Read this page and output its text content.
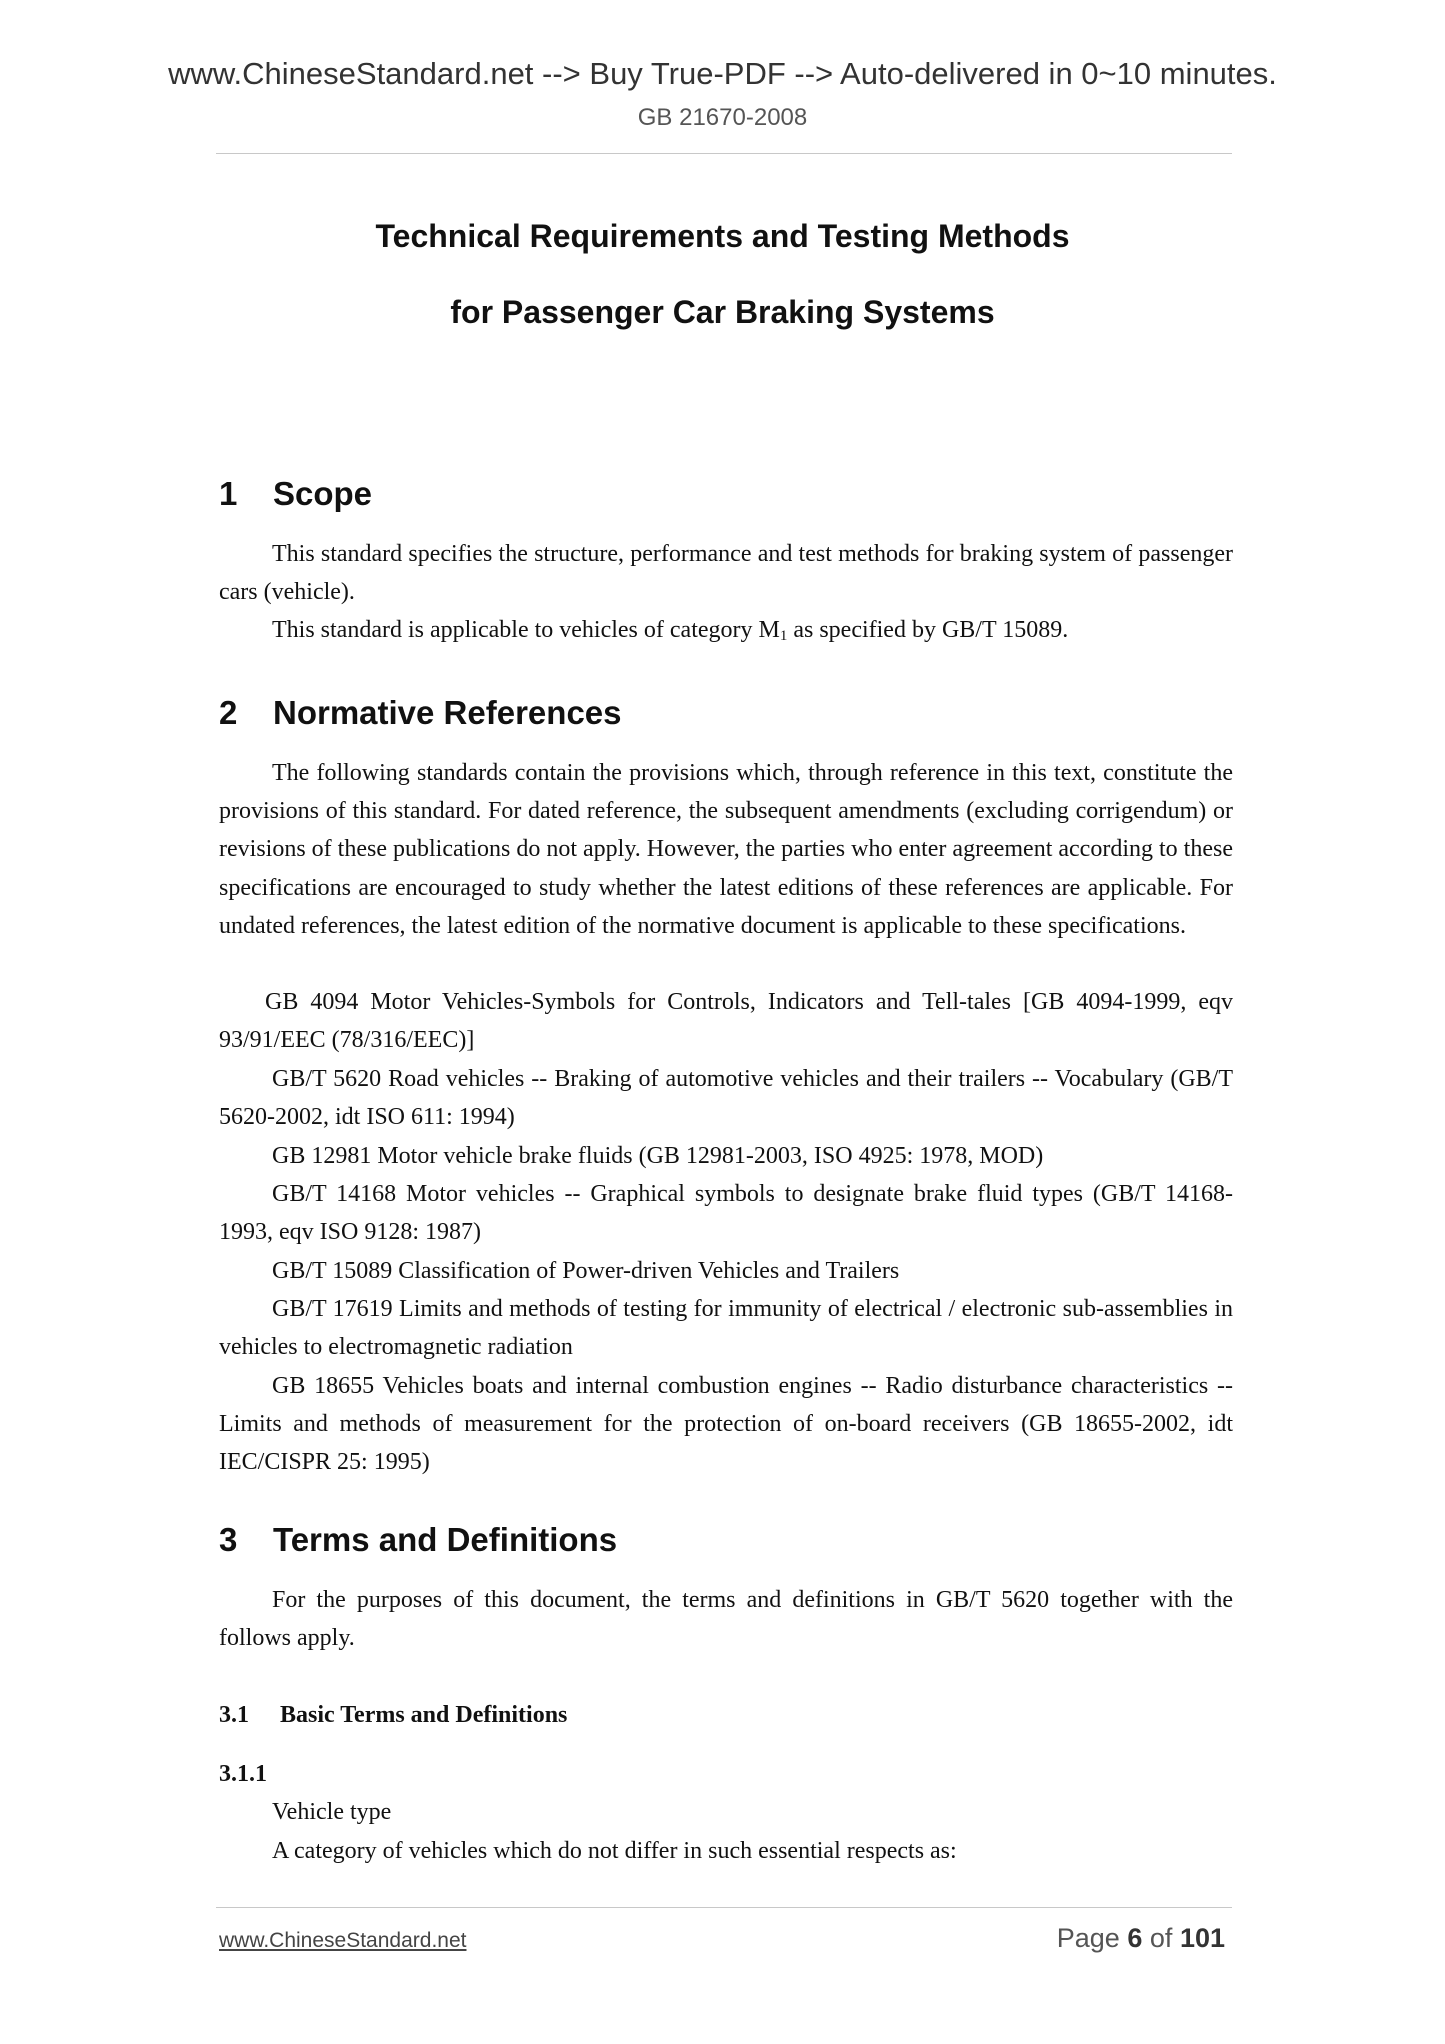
www.ChineseStandard.net --> Buy True-PDF --> Auto-delivered in 0~10 minutes.

GB 21670-2008

Technical Requirements and Testing Methods
for Passenger Car Braking Systems
1 Scope

This standard specifies the structure, performance and test methods for braking system of passenger cars (vehicle).

This standard is applicable to vehicles of category $M_1$ as specified by GB/T 15089.

2 Normative References

The following standards contain the provisions which, through reference in this text, constitute the provisions of this standard. For dated reference, the subsequent amendments (excluding corrigendum) or revisions of these publications do not apply. However, the parties who enter agreement according to these specifications are encouraged to study whether the latest editions of these references are applicable. For undated references, the latest edition of the normative document is applicable to these specifications.

GB 4094 Motor Vehicles-Symbols for Controls, Indicators and Tell-tales [GB 4094-1999, eqv 93/91/EEC (78/316/EEC)]

GB/T 5620 Road vehicles -- Braking of automotive vehicles and their trailers -- Vocabulary (GB/T 5620-2002, idt ISO 611: 1994)

GB 12981 Motor vehicle brake fluids (GB 12981-2003, ISO 4925: 1978, MOD)

GB/T 14168 Motor vehicles -- Graphical symbols to designate brake fluid types (GB/T 14168-1993, eqv ISO 9128: 1987)

GB/T 15089 Classification of Power-driven Vehicles and Trailers

GB/T 17619 Limits and methods of testing for immunity of electrical / electronic sub-assemblies in vehicles to electromagnetic radiation

GB 18655 Vehicles boats and internal combustion engines -- Radio disturbance characteristics -- Limits and methods of measurement for the protection of on-board receivers (GB 18655-2002, idt IEC/CISPR 25: 1995)

3 Terms and Definitions

For the purposes of this document, the terms and definitions in GB/T 5620 together with the follows apply.

3.1 Basic Terms and Definitions

3.1.1

Vehicle type

A category of vehicles which do not differ in such essential respects as:

www.ChineseStandard.net	Page 6 of 101
